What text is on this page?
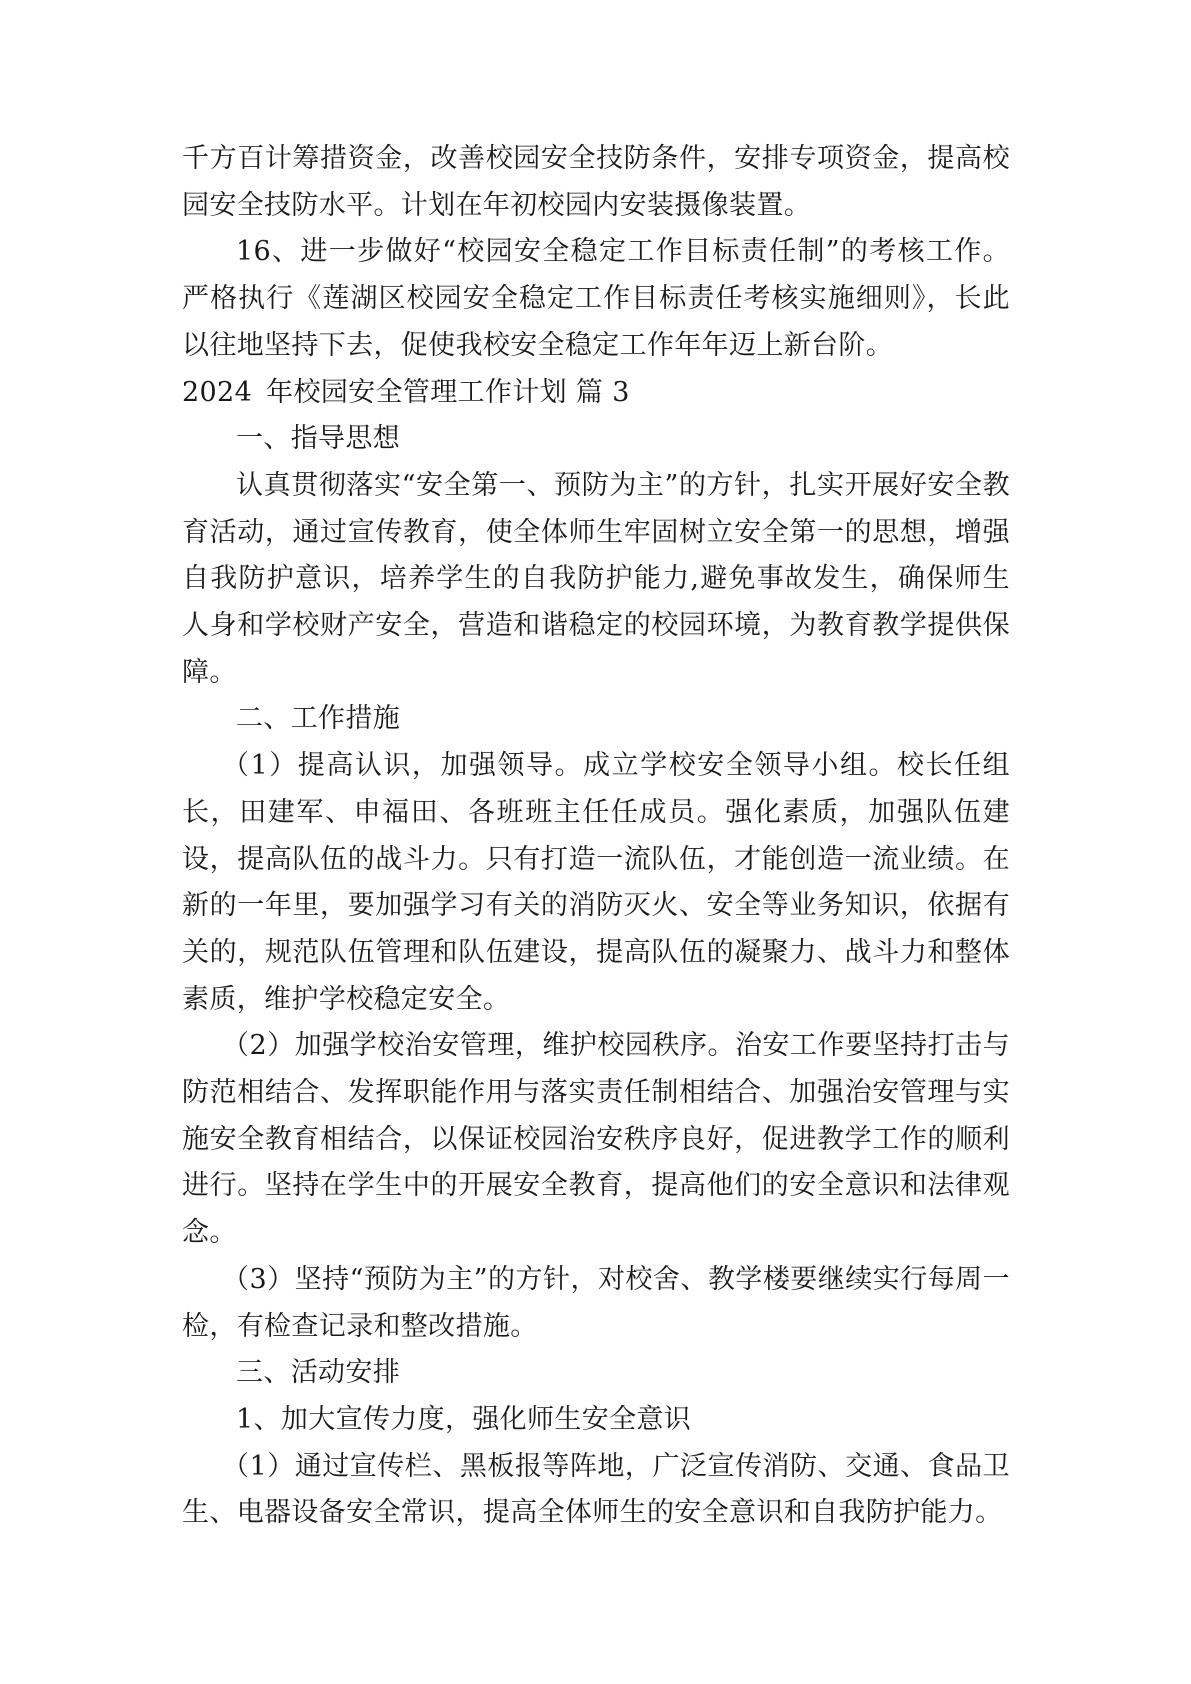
千方百计筹措资金，改善校园安全技防条件，安排专项资金，提高校园安全技防水平。计划在年初校园内安装摄像装置。

16、进一步做好“校园安全稳定工作目标责任制”的考核工作。严格执行《莲湖区校园安全稳定工作目标责任考核实施细则》，长此以往地坚持下去，促使我校安全稳定工作年年迈上新台阶。

2024 年校园安全管理工作计划 篇 3

一、指导思想

认真贯彻落实“安全第一、预防为主”的方针，扎实开展好安全教育活动，通过宣传教育，使全体师生牢固树立安全第一的思想，增强自我防护意识，培养学生的自我防护能力,避免事故发生，确保师生人身和学校财产安全，营造和谐稳定的校园环境，为教育教学提供保障。

二、工作措施

（1）提高认识，加强领导。成立学校安全领导小组。校长任组长，田建军、申福田、各班班主任任成员。强化素质，加强队伍建设，提高队伍的战斗力。只有打造一流队伍，才能创造一流业绩。在新的一年里，要加强学习有关的消防灭火、安全等业务知识，依据有关的，规范队伍管理和队伍建设，提高队伍的凝聚力、战斗力和整体素质，维护学校稳定安全。

（2）加强学校治安管理，维护校园秩序。治安工作要坚持打击与防范相结合、发挥职能作用与落实责任制相结合、加强治安管理与实施安全教育相结合，以保证校园治安秩序良好，促进教学工作的顺利进行。坚持在学生中的开展安全教育，提高他们的安全意识和法律观念。

（3）坚持“预防为主”的方针，对校舍、教学楼要继续实行每周一检，有检查记录和整改措施。

三、活动安排

1、加大宣传力度，强化师生安全意识

（1）通过宣传栏、黑板报等阵地，广泛宣传消防、交通、食品卫生、电器设备安全常识，提高全体师生的安全意识和自我防护能力。
